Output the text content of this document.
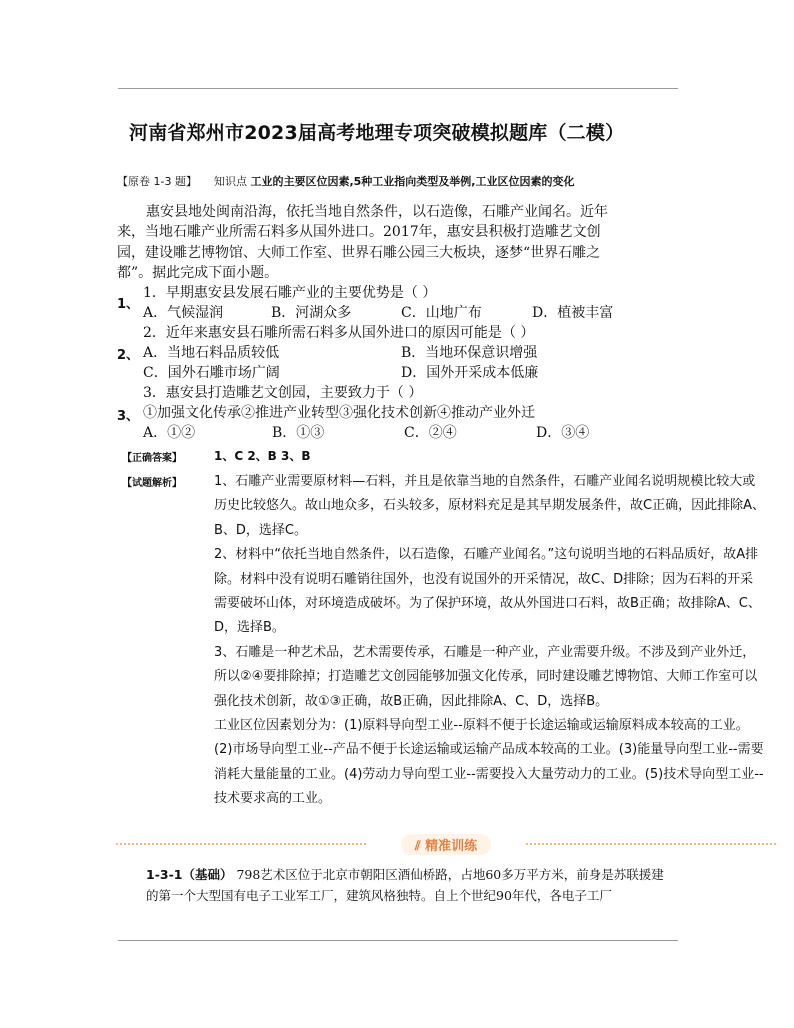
河南省郑州市2023届高考地理专项突破模拟题库（二模）
【原卷 1-3 题】 知识点 工业的主要区位因素,5种工业指向类型及举例,工业区位因素的变化
惠安县地处闽南沿海，依托当地自然条件，以石造像，石雕产业闻名。近年
来，当地石雕产业所需石料多从国外进口。2017年，惠安县积极打造雕艺文创
园，建设雕艺博物馆、大师工作室、世界石雕公园三大板块，逐梦“世界石雕之
都”。据此完成下面小题。
1、
1．早期惠安县发展石雕产业的主要优势是（ ）
A．气候湿润	B．河湖众多	C．山地广布	D．植被丰富
2．近年来惠安县石雕所需石料多从国外进口的原因可能是（ ）
2、 A．当地石料品质较低	B．当地环保意识增强
C．国外石雕市场广阔	D．国外开采成本低廉
3．惠安县打造雕艺文创园，主要致力于（ ）
3、 ①加强文化传承②推进产业转型③强化技术创新④推动产业外迁
A．①②	B．①③	C．②④	D．③④
【正确答案】	1、C 2、B 3、B
【试题解析】 1、石雕产业需要原材料—石料，并且是依靠当地的自然条件，石雕产业闻名说明规模比较大或历史比较悠久。故山地众多，石头较多，原材料充足是其早期发展条件，故C正确，因此排除A、B、D，选择C。

2、材料中“依托当地自然条件，以石造像，石雕产业闻名。”这句说明当地的石料品质好，故A排除。材料中没有说明石雕销往国外，也没有说国外的开采情况，故C、D排除；因为石料的开采需要破坏山体，对环境造成破坏。为了保护环境，故从外国进口石料，故B正确；故排除A、C、D，选择B。

3、石雕是一种艺术品，艺术需要传承，石雕是一种产业，产业需要升级。不涉及到产业外迁，所以②④要排除掉；打造雕艺文创园能够加强文化传承，同时建设雕艺博物馆、大师工作室可以强化技术创新，故①③正确，故B正确，因此排除A、C、D，选择B。

工业区位因素划分为：(1)原料导向型工业--原料不便于长途运输或运输原料成本较高的工业。(2)市场导向型工业--产品不便于长途运输或运输产品成本较高的工业。(3)能量导向型工业--需要消耗大量能量的工业。(4)劳动力导向型工业--需要投入大量劳动力的工业。(5)技术导向型工业--技术要求高的工业。

⫽ 精准训练

1-3-1（基础） 798艺术区位于北京市朝阳区酒仙桥路，占地60多万平方米，前身是苏联援建的第一个大型国有电子工业军工厂，建筑风格独特。自上个世纪90年代，各电子工厂
